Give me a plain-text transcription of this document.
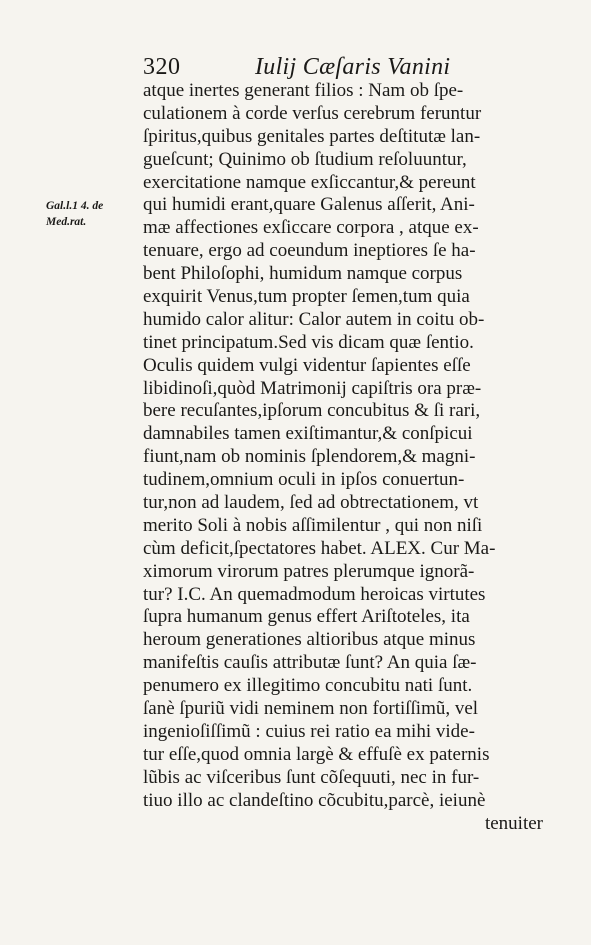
320	Iulij Cæſaris Vanini
Gal.l.1 4. de
Med.rat.
atque inertes generant filios : Nam ob ſpe-
culationem à corde verſus cerebrum feruntur
ſpiritus,quibus genitales partes deſtitutæ lan-
gueſcunt; Quinimo ob ſtudium reſoluuntur,
exercitatione namque exſiccantur,& pereunt
qui humidi erant,quare Galenus aſſerit, Ani-
mæ affectiones exſiccare corpora , atque ex-
tenuare, ergo ad coeundum ineptiores ſe ha-
bent Philoſophi, humidum namque corpus
exquirit Venus,tum propter ſemen,tum quia
humido calor alitur: Calor autem in coitu ob-
tinet principatum.Sed vis dicam quæ ſentio.
Oculis quidem vulgi videntur ſapientes eſſe
libidinoſi,quòd Matrimonij capiſtris ora præ-
bere recuſantes,ipſorum concubitus & ſi rari,
damnabiles tamen exiſtimantur,& conſpicui
fiunt,nam ob nominis ſplendorem,& magni-
tudinem,omnium oculi in ipſos conuertun-
tur,non ad laudem, ſed ad obtrectationem, vt
merito Soli à nobis aſſimilentur , qui non niſi
cùm deficit,ſpectatores habet. ALEX. Cur Ma-
ximorum virorum patres plerumque ignorã-
tur? I.C. An quemadmodum heroicas virtutes
ſupra humanum genus effert Ariſtoteles, ita
heroum generationes altioribus atque minus
manifeſtis cauſis attributæ ſunt? An quia ſæ-
penumero ex illegitimo concubitu nati ſunt.
ſanè ſpuriũ vidi neminem non fortiſſimũ, vel
ingenioſiſſimũ : cuius rei ratio ea mihi vide-
tur eſſe,quod omnia largè & effuſè ex paternis
lũbis ac viſceribus ſunt cõſequuti, nec in fur-
tiuo illo ac clandeſtino cõcubitu,parcè, ieiunè
tenuiter
